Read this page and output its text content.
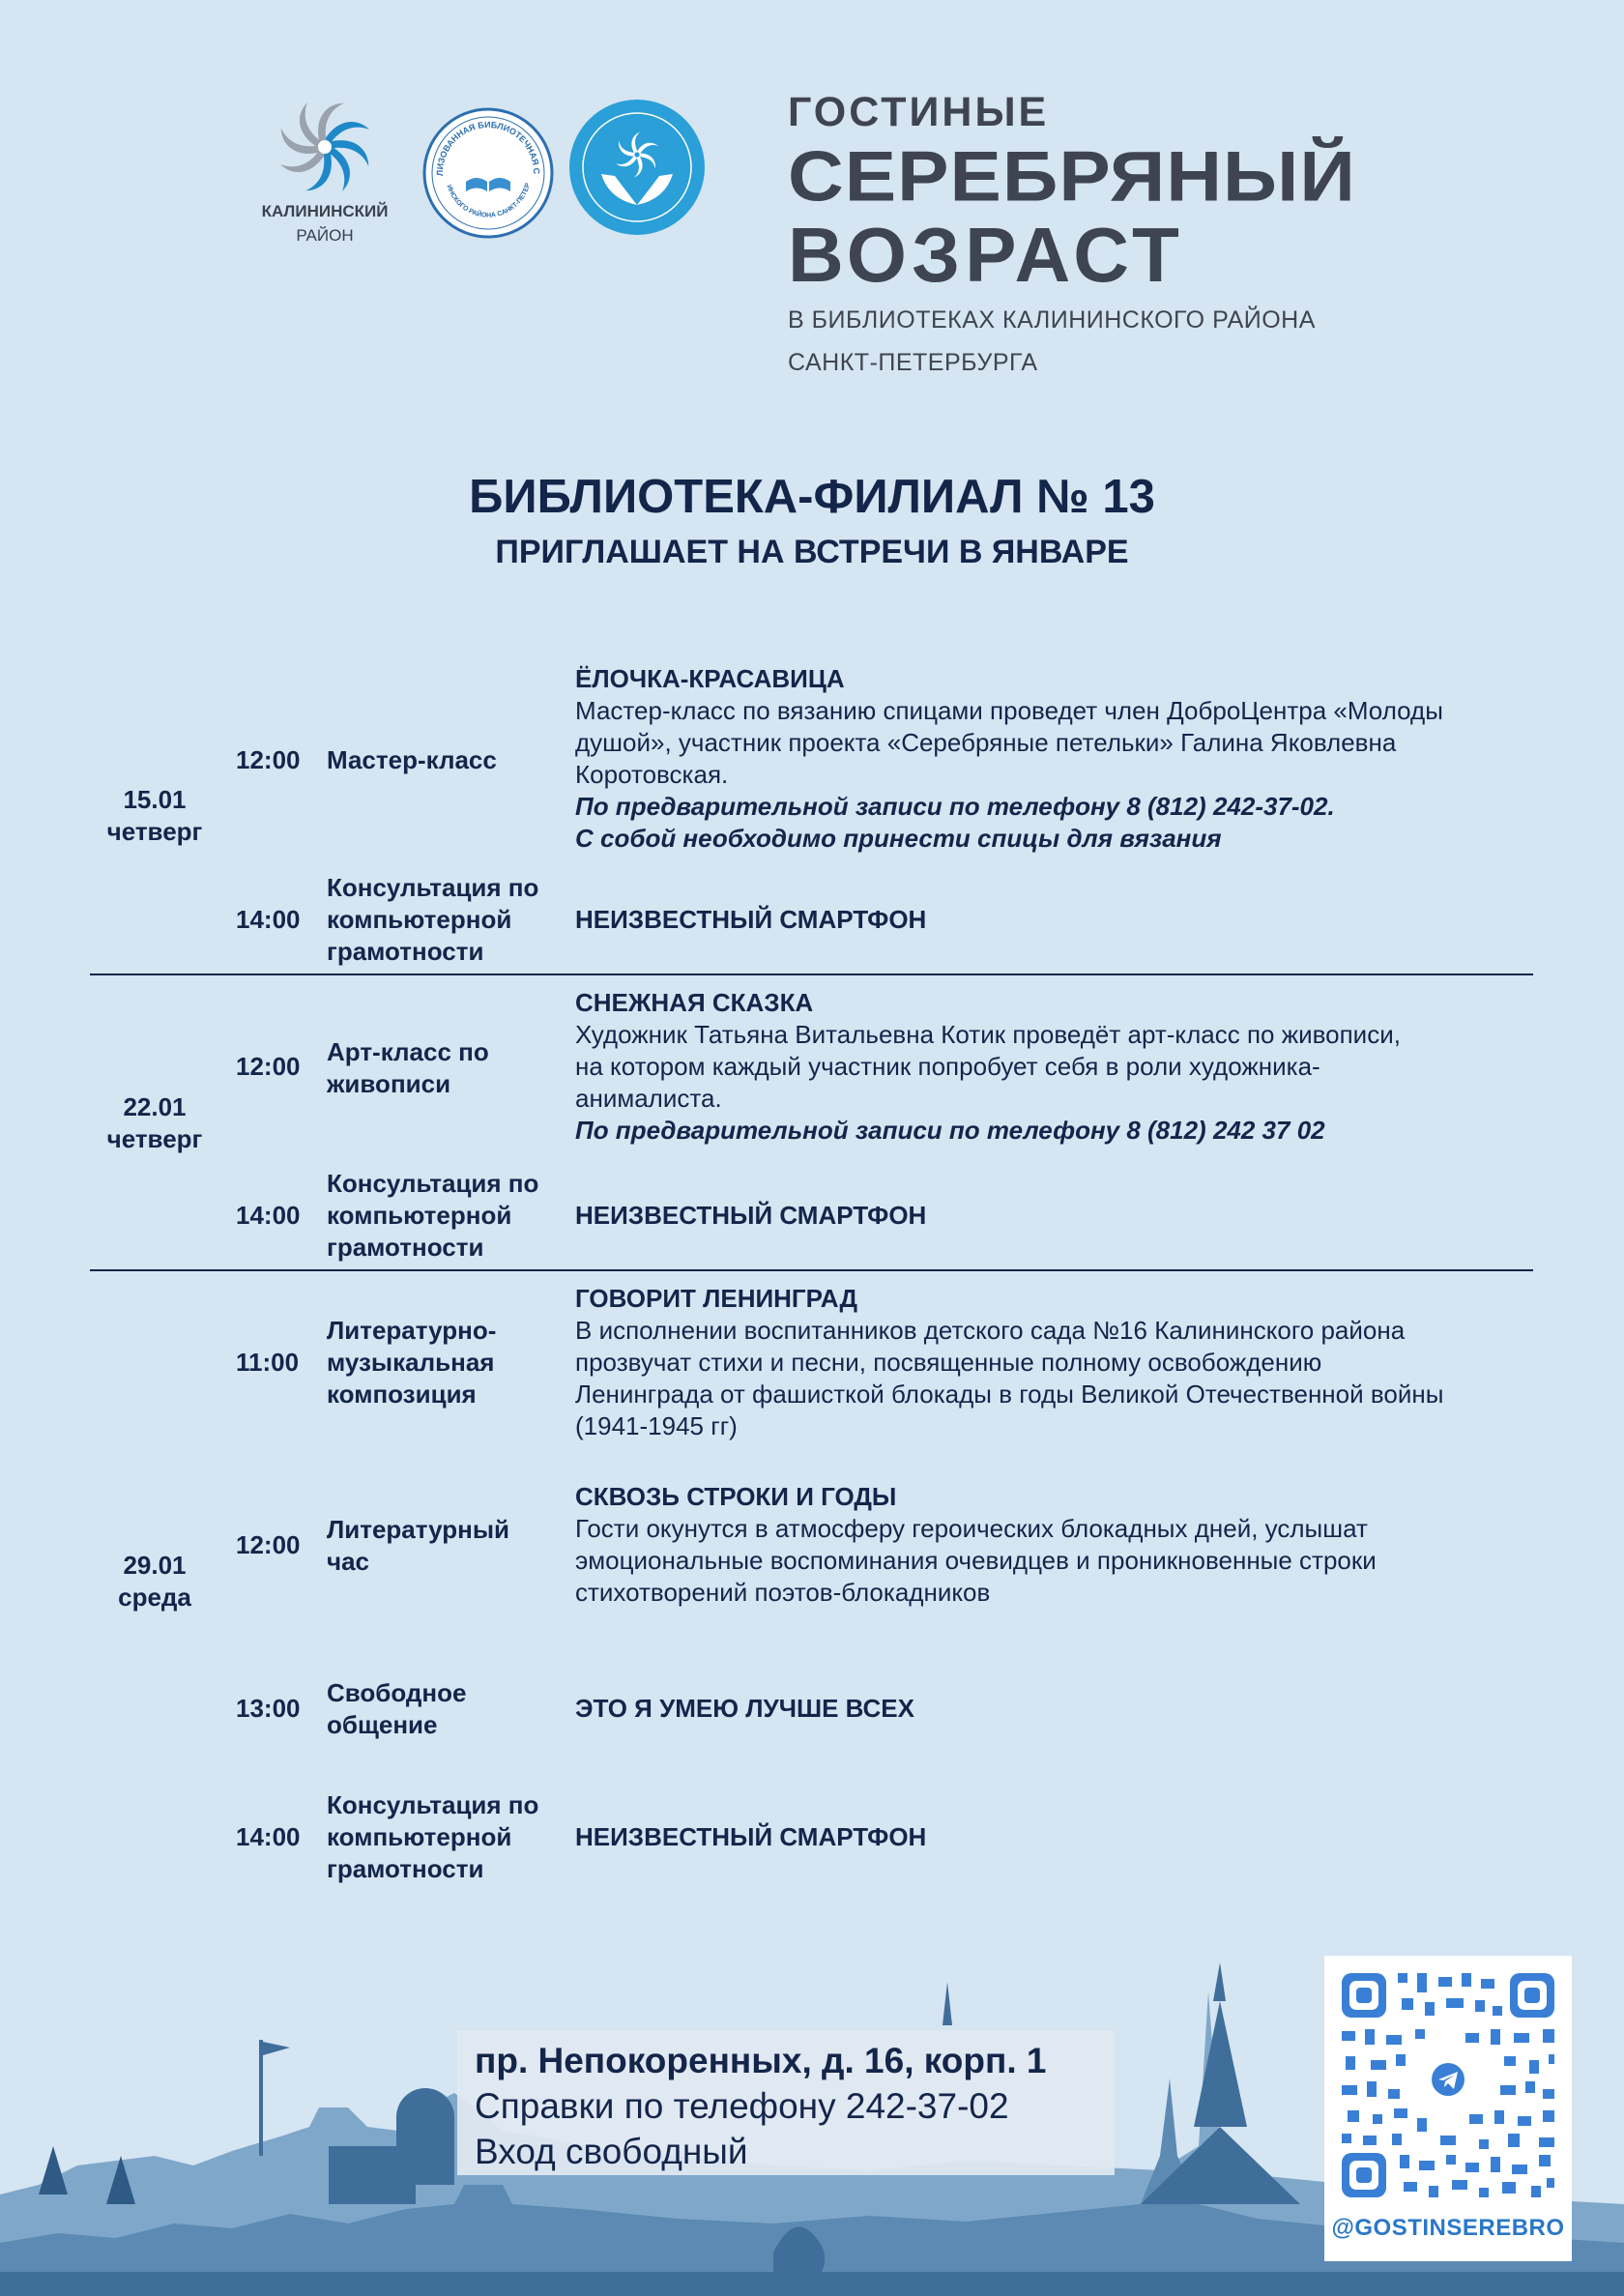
КАЛИНИНСКИЙ
РАЙОН
ЛИЗОВАННАЯ БИБЛИОТЕЧНАЯ С
ИНСКОГО РАЙОНА САНКТ-ПЕТЕР
ГОСТИНЫЕ
СЕРЕБРЯНЫЙ
ВОЗРАСТ
В БИБЛИОТЕКАХ КАЛИНИНСКОГО РАЙОНА
САНКТ-ПЕТЕРБУРГА
БИБЛИОТЕКА-ФИЛИАЛ № 13
ПРИГЛАШАЕТ НА ВСТРЕЧИ В ЯНВАРЕ
15.01
четверг
12:00	Мастер-класс
ЁЛОЧКА-КРАСАВИЦА
Мастер-класс по вязанию спицами проведет член ДоброЦентра «Молоды
душой», участник проекта «Серебряные петельки» Галина Яковлевна
Коротовская.
По предварительной записи по телефону 8 (812) 242-37-02.
С собой необходимо принести спицы для вязания
14:00
Консультация по
компьютерной
грамотности
НЕИЗВЕСТНЫЙ СМАРТФОН
22.01
четверг
12:00	Арт-класс по
живописи
СНЕЖНАЯ СКАЗКА
Художник Татьяна Витальевна Котик проведёт арт-класс по живописи,
на котором каждый участник попробует себя в роли художника-
анималиста.
По предварительной записи по телефону 8 (812) 242 37 02
14:00
Консультация по
компьютерной
грамотности
НЕИЗВЕСТНЫЙ СМАРТФОН
29.01
среда
11:00
Литературно-
музыкальная
композиция
ГОВОРИТ ЛЕНИНГРАД
В исполнении воспитанников детского сада №16 Калининского района
прозвучат стихи и песни, посвященные полному освобождению
Ленинграда от фашисткой блокады в годы Великой Отечественной войны
(1941-1945 гг)
12:00
Литературный
час
СКВОЗЬ СТРОКИ И ГОДЫ
Гости окунутся в атмосферу героических блокадных дней, услышат
эмоциональные воспоминания очевидцев и проникновенные строки
стихотворений поэтов-блокадников
13:00
Свободное
общение
ЭТО Я УМЕЮ ЛУЧШЕ ВСЕХ
14:00
Консультация по
компьютерной
грамотности
НЕИЗВЕСТНЫЙ СМАРТФОН
пр. Непокоренных, д. 16, корп. 1
Справки по телефону 242-37-02
Вход свободный
@GOSTINSEREBRO
